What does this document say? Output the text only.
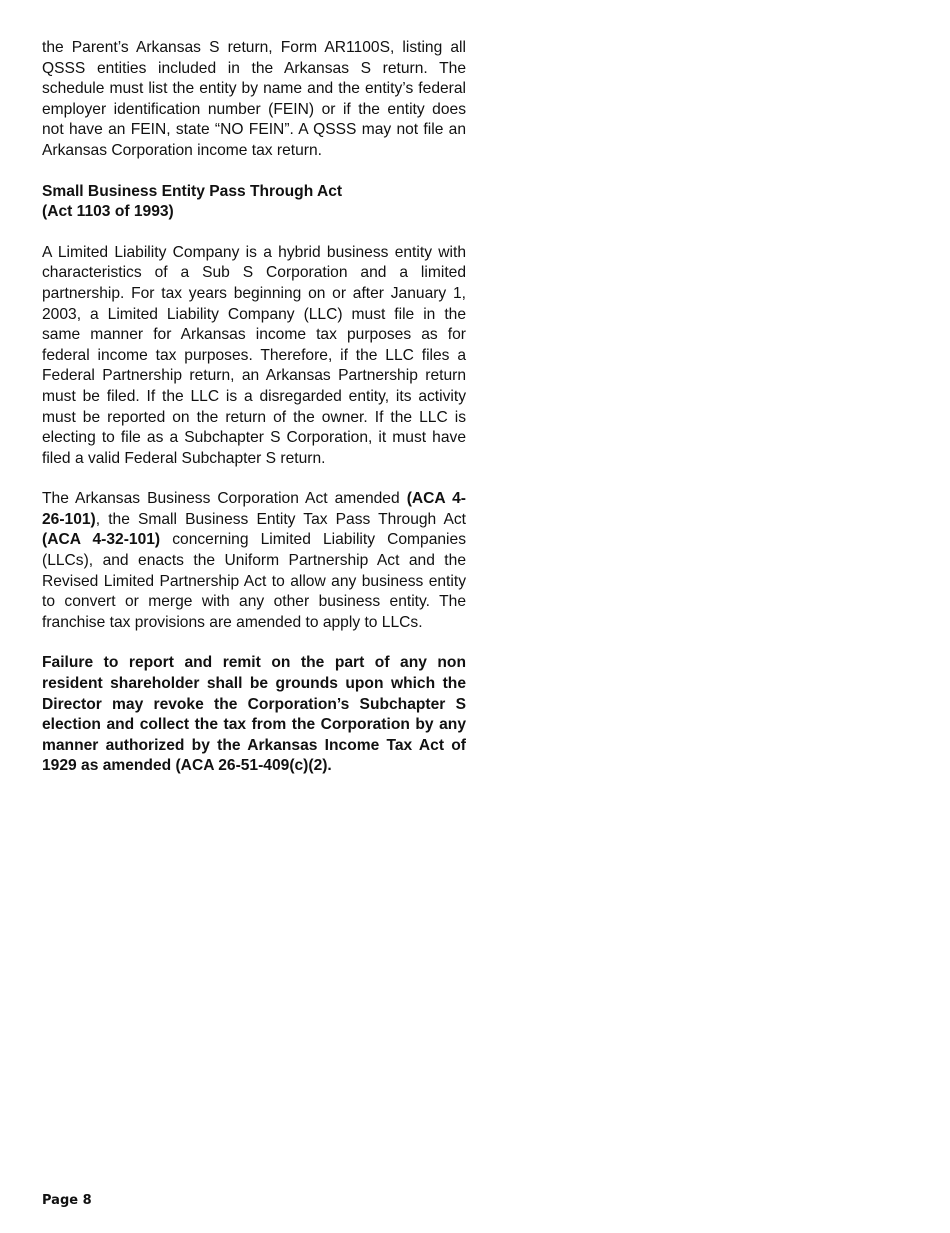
the Parent’s Arkansas S return, Form AR1100S, listing all QSSS entities included in the Arkansas S return. The schedule must list the entity by name and the entity’s federal employer identification number (FEIN) or if the entity does not have an FEIN, state “NO FEIN”. A QSSS may not file an Arkansas Corporation income tax return.

Small Business Entity Pass Through Act
(Act 1103 of 1993)

A Limited Liability Company is a hybrid business entity with characteristics of a Sub S Corporation and a limited partnership. For tax years beginning on or after January 1, 2003, a Limited Liability Company (LLC) must file in the same manner for Arkansas income tax purposes as for federal income tax purposes. Therefore, if the LLC files a Federal Partnership return, an Arkansas Partnership return must be filed. If the LLC is a disregarded entity, its activity must be reported on the return of the owner. If the LLC is electing to file as a Subchapter S Corporation, it must have filed a valid Federal Subchapter S return.

The Arkansas Business Corporation Act amended (ACA 4-26-101), the Small Business Entity Tax Pass Through Act (ACA 4-32-101) concerning Limited Liability Companies (LLCs), and enacts the Uniform Partnership Act and the Revised Limited Partnership Act to allow any business entity to convert or merge with any other business entity. The franchise tax provisions are amended to apply to LLCs.

Failure to report and remit on the part of any non resident shareholder shall be grounds upon which the Director may revoke the Corporation’s Subchapter S election and collect the tax from the Corporation by any manner authorized by the Arkansas Income Tax Act of 1929 as amended (ACA 26-51-409(c)(2).

Page 8
